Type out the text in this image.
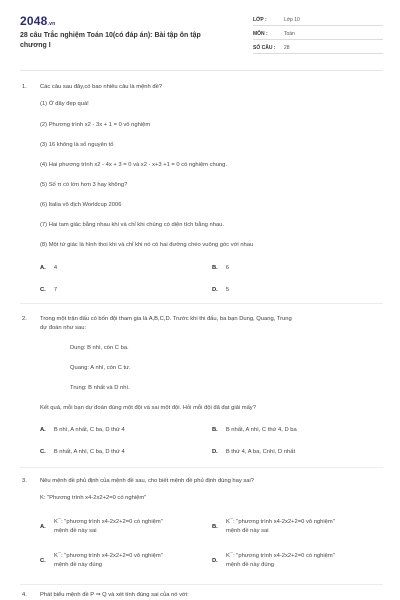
2048.vn
28 câu Trắc nghiệm Toán 10(có đáp án): Bài tập ôn tập chương I
LỚP :	Lớp 10
MÔN :	Toán
SỐ CÂU : 28
1. Các câu sau đây,có bao nhiêu câu là mệnh đề?
(1) Ở đây đẹp quá!
(2) Phương trình x2 - 3x + 1 = 0 vô nghiệm
(3) 16 không là số nguyên tố
(4) Hai phương trình x2 - 4x + 3 = 0 và x2 - x+3 +1 = 0 có nghiệm chung.
(5) Số π có lớn hơn 3 hay không?
(6) Italia vô địch Worldcup 2006
(7) Hai tam giác bằng nhau khi và chỉ khi chúng có diện tích bằng nhau.
(8) Một tứ giác là hình thoi khi và chỉ khi nó có hai đường chéo vuông góc với nhau
A. 4	B. 6
C. 7	D. 5
2. Trong một trận đấu có bốn đội tham gia là A,B,C,D. Trước khi thi đấu, ba bạn Dung, Quang, Trung
dự đoán như sau:
Dung: B nhì, còn C ba.
Quang: A nhì, còn C tư.
Trung: B nhất và D nhì.
Kết quả, mỗi bạn dự đoán đúng một đội và sai một đội. Hỏi mỗi đội đã đạt giải mấy?
A. B nhì, A nhất, C ba, D thứ 4	B. B nhất, A nhì, C thứ 4, D ba
C. B nhất, A nhì, C ba, D thứ 4	D. B thứ 4, A ba, Cnhì, D nhất
3. Nêu mệnh đề phủ định của mệnh đề sau, cho biết mệnh đề phủ định đúng hay sai?
K: "Phương trình x4-2x2+2=0 có nghiệm"
A.
K¯: "phương trình x4-2x2+2=0 có nghiệm"
mệnh đề này sai
B.
K¯: "phương trình x4-2x2+2=0 vô nghiệm"
mệnh đề này sai
C.
K¯: "phương trình x4-2x2+2=0 vô nghiệm"
mệnh đề này đúng
D.
K¯: "phương trình x4-2x2+2=0 có nghiệm"
mệnh đề này đúng
4. Phát biểu mệnh đề P ⇒ Q và xét tính đúng sai của nó với:
